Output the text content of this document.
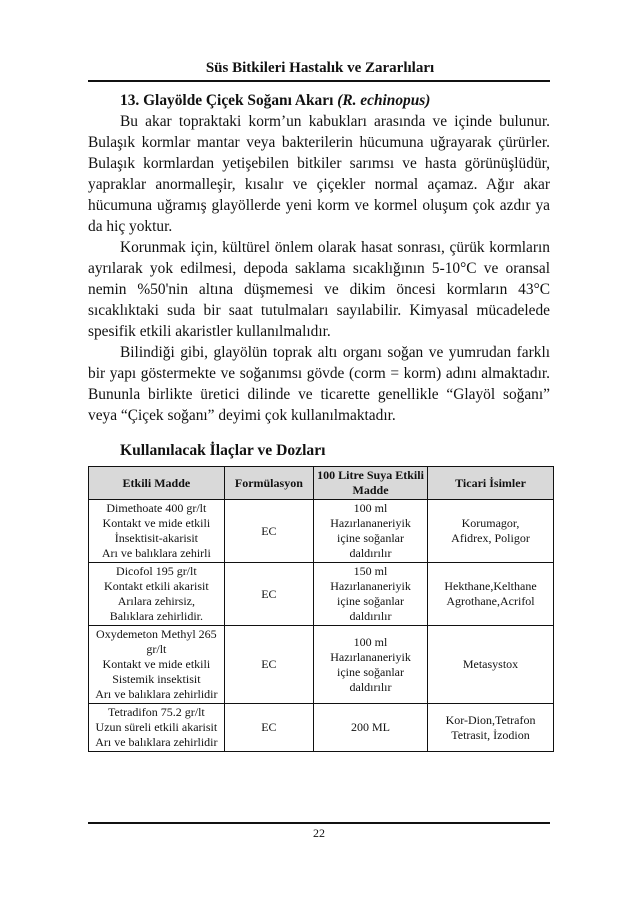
Süs Bitkileri Hastalık ve Zararlıları

13. Glayölde Çiçek Soğanı Akarı (R. echinopus)

Bu akar topraktaki korm’un kabukları arasında ve içinde bulunur. Bulaşık kormlar mantar veya bakterilerin hücumuna uğrayarak çürürler. Bulaşık kormlardan yetişebilen bitkiler sarımsı ve hasta görünüşlüdür, yapraklar anormalleşir, kısalır ve çiçekler normal açamaz. Ağır akar hücumuna uğramış glayöllerde yeni korm ve kormel oluşum çok azdır ya da hiç yoktur.

Korunmak için, kültürel önlem olarak hasat sonrası, çürük kormların ayrılarak yok edilmesi, depoda saklama sıcaklığının 5-10°C ve oransal nemin %50'nin altına düşmemesi ve dikim öncesi kormların 43°C sıcaklıktaki suda bir saat tutulmaları sayılabilir. Kimyasal mücadelede spesifik etkili akaristler kullanılmalıdır.

Bilindiği gibi, glayölün toprak altı organı soğan ve yumrudan farklı bir yapı göstermekte ve soğanımsı gövde (corm = korm) adını almaktadır. Bununla birlikte üretici dilinde ve ticarette genellikle “Glayöl soğanı” veya “Çiçek soğanı” deyimi çok kullanılmaktadır.

Kullanılacak İlaçlar ve Dozları

Etkili Madde	Formülasyon	100 Litre Suya Etkili Madde	Ticari İsimler

Dimethoate 400 gr/lt
Kontakt ve mide etkili
İnsektisit-akarisit
Arı ve balıklara zehirli	EC	100 ml
Hazırlananeriyik
içine soğanlar
daldırılır	Korumagor,
Afidrex, Poligor

Dicofol 195 gr/lt
Kontakt etkili akarisit
Arılara zehirsiz,
Balıklara zehirlidir.	EC	150 ml
Hazırlananeriyik
içine soğanlar
daldırılır	Hekthane,Kelthane
Agrothane,Acrifol

Oxydemeton Methyl 265
gr/lt
Kontakt ve mide etkili
Sistemik insektisit
Arı ve balıklara zehirlidir	EC	100 ml
Hazırlananeriyik
içine soğanlar
daldırılır	Metasystox

Tetradifon 75.2 gr/lt
Uzun süreli etkili akarisit
Arı ve balıklara zehirlidir	EC	200 ML	Kor-Dion,Tetrafon
Tetrasit, İzodion
22
